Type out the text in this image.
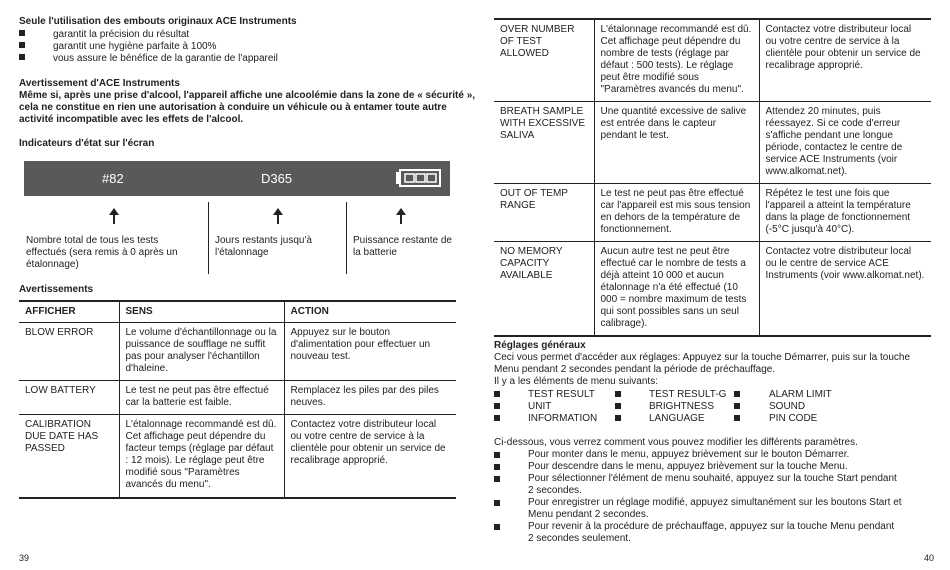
Seule l'utilisation des embouts originaux ACE Instruments
garantit la précision du résultat
garantit une hygiène parfaite à 100%
vous assure le bénéfice de la garantie de l'appareil
Avertissement d'ACE Instruments
Même si, après une prise d'alcool, l'appareil affiche une alcoolémie dans la zone de « sécurité »,
cela ne constitue en rien une autorisation à conduire un véhicule ou à entamer toute autre
activité incompatible avec les effets de l'alcool.
Indicateurs d'état sur l'écran
#82	D365
Nombre total de tous les tests effectués (sera remis à 0 après un étalonnage)
Jours restants jusqu'à l'étalonnage
Puissance restante de la batterie
Avertissements
AFFICHER	SENS	ACTION
BLOW ERROR	Le volume d'échantillonnage ou la puissance de soufflage ne suffit pas pour analyser l'échantillon d'haleine.	Appuyez sur le bouton d'alimentation pour effectuer un nouveau test.
LOW BATTERY	Le test ne peut pas être effectué car la batterie est faible.	Remplacez les piles par des piles neuves.
CALIBRATION DUE DATE HAS PASSED	L'étalonnage recommandé est dû. Cet affichage peut dépendre du facteur temps (réglage par défaut : 12 mois). Le réglage peut être modifié sous "Paramètres avancés du menu".	Contactez votre distributeur local ou votre centre de service à la clientèle pour obtenir un service de recalibrage approprié.
39
OVER NUMBER OF TEST ALLOWED	L'étalonnage recommandé est dû. Cet affichage peut dépendre du nombre de tests (réglage par défaut : 500 tests). Le réglage peut être modifié sous "Paramètres avancés du menu".	Contactez votre distributeur local ou votre centre de service à la clientèle pour obtenir un service de recalibrage approprié.
BREATH SAMPLE WITH EXCESSIVE SALIVA	Une quantité excessive de salive est entrée dans le capteur pendant le test.	Attendez 20 minutes, puis réessayez. Si ce code d'erreur s'affiche pendant une longue période, contactez le centre de service ACE Instruments (voir www.alkomat.net).
OUT OF TEMP RANGE	Le test ne peut pas être effectué car l'appareil est mis sous tension en dehors de la température de fonctionnement.	Répétez le test une fois que l'appareil a atteint la température dans la plage de fonctionnement (-5°C jusqu'à 40°C).
NO MEMORY CAPACITY AVAILABLE	Aucun autre test ne peut être effectué car le nombre de tests a déjà atteint 10 000 et aucun étalonnage n'a été effectué (10 000 = nombre maximum de tests qui sont possibles sans un seul calibrage).	Contactez votre distributeur local ou le centre de service ACE Instruments (voir www.alkomat.net).
Réglages généraux
Ceci vous permet d'accéder aux réglages: Appuyez sur la touche Démarrer, puis sur la touche
Menu pendant 2 secondes pendant la période de préchauffage.
Il y a les éléments de menu suivants:
TEST RESULT	TEST RESULT-G	ALARM LIMIT
UNIT	BRIGHTNESS	SOUND
INFORMATION	LANGUAGE	PIN CODE
Ci-dessous, vous verrez comment vous pouvez modifier les différents paramètres.
Pour monter dans le menu, appuyez brièvement sur le bouton Démarrer.
Pour descendre dans le menu, appuyez brièvement sur la touche Menu.
Pour sélectionner l'élément de menu souhaité, appuyez sur la touche Start pendant
2 secondes.
Pour enregistrer un réglage modifié, appuyez simultanément sur les boutons Start et
Menu pendant 2 secondes.
Pour revenir à la procédure de préchauffage, appuyez sur la touche Menu pendant
2 secondes seulement.
40
